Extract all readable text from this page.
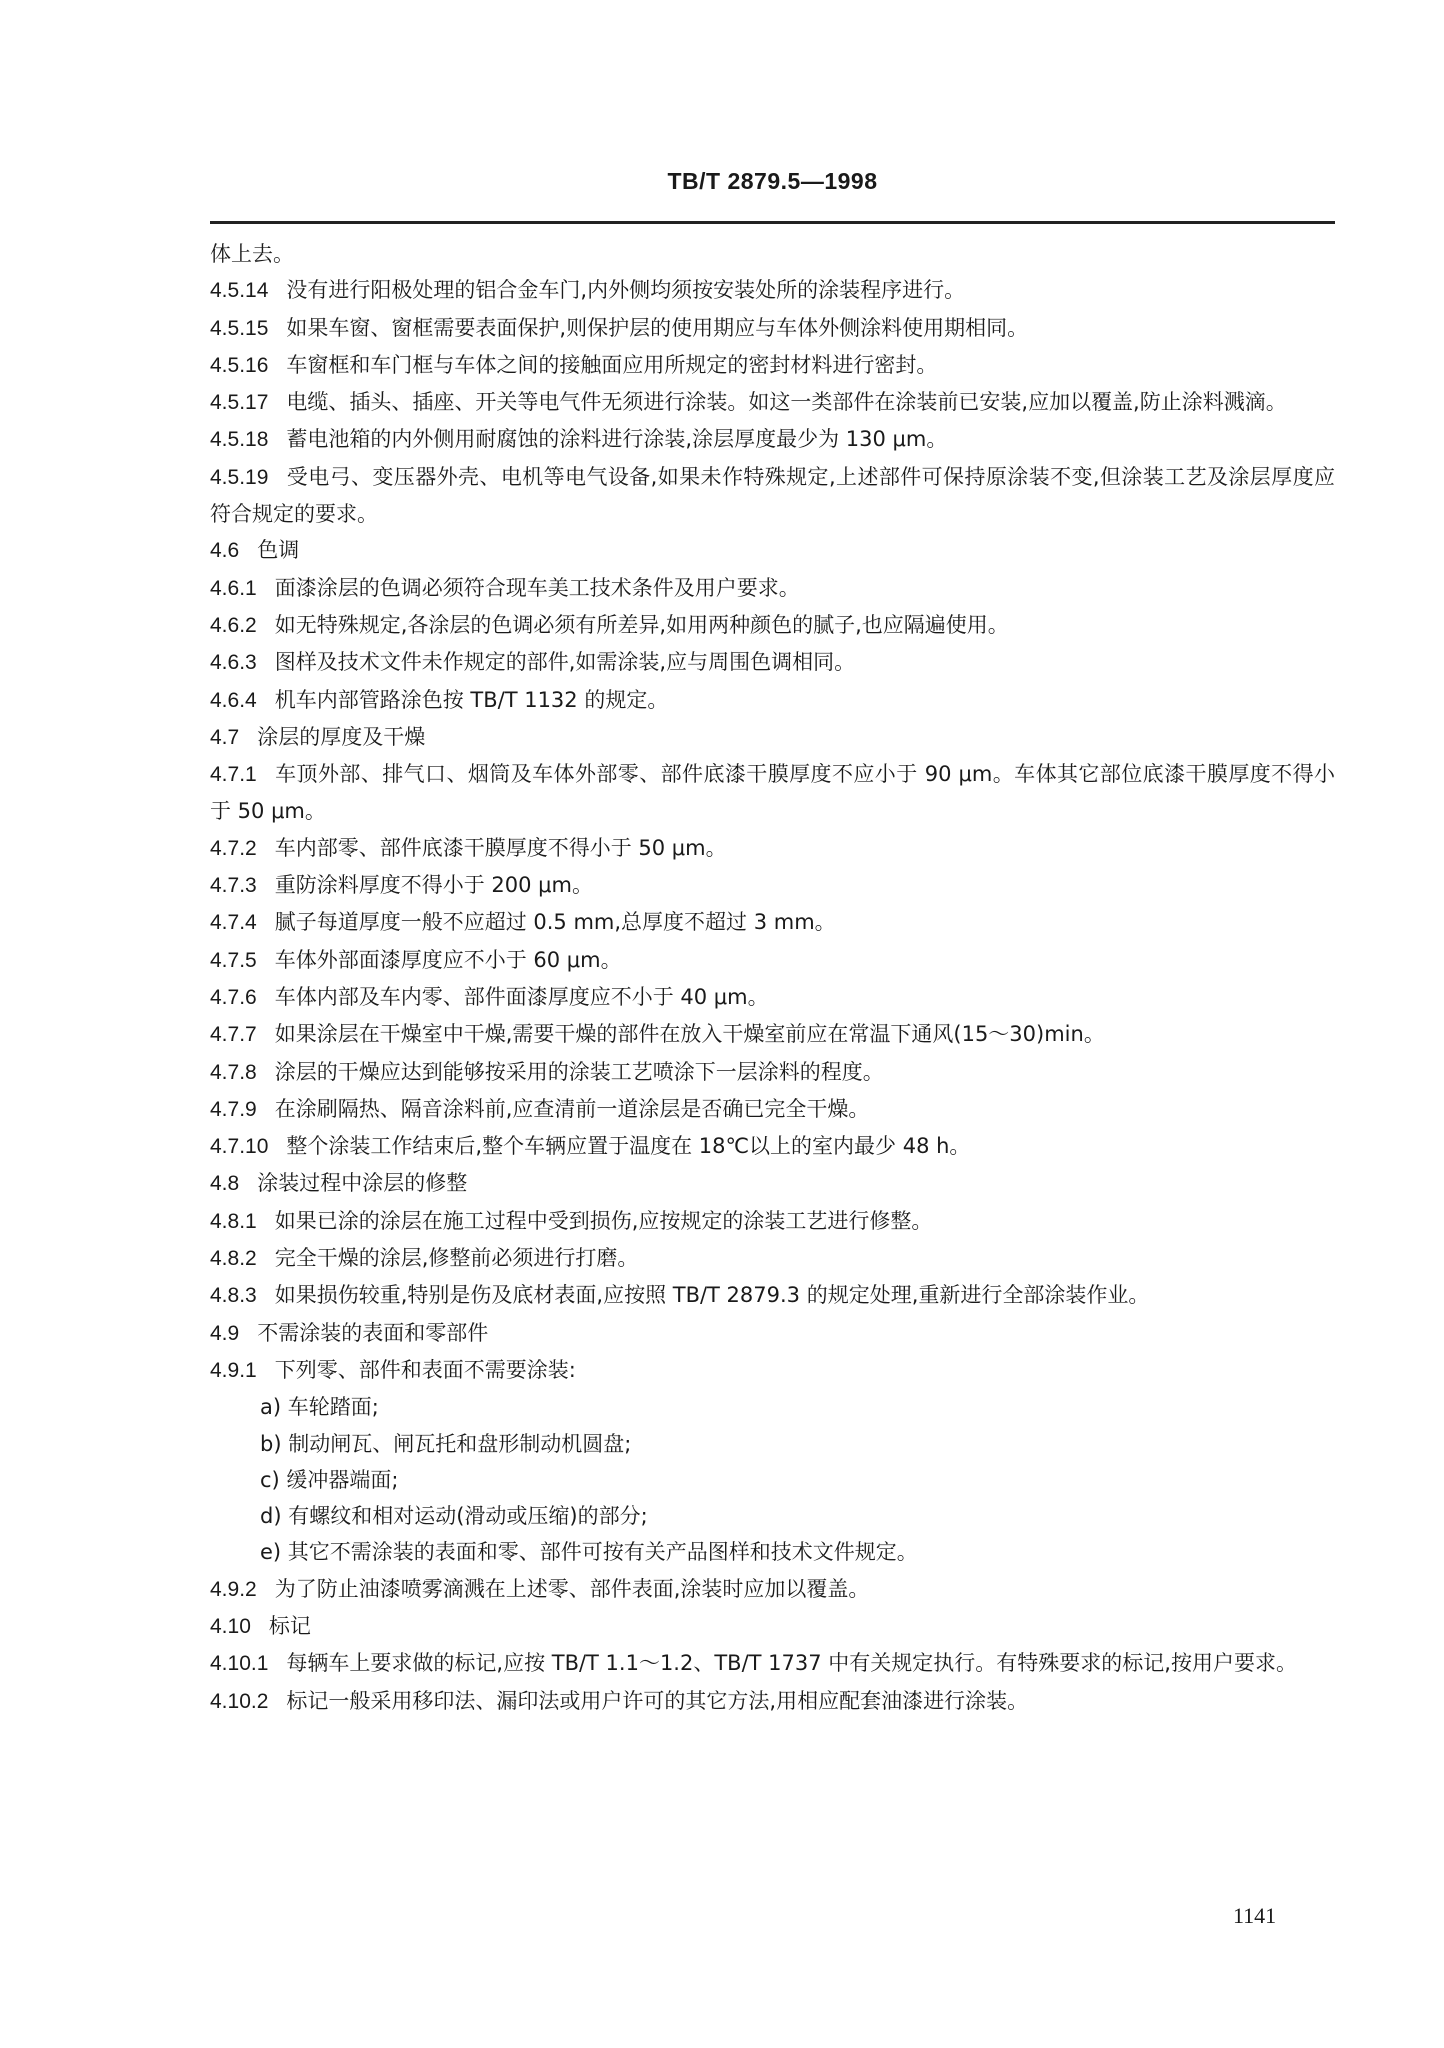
TB/T 2879.5—1998

体上去。

4.5.14 没有进行阳极处理的铝合金车门,内外侧均须按安装处所的涂装程序进行。

4.5.15 如果车窗、窗框需要表面保护,则保护层的使用期应与车体外侧涂料使用期相同。

4.5.16 车窗框和车门框与车体之间的接触面应用所规定的密封材料进行密封。

4.5.17 电缆、插头、插座、开关等电气件无须进行涂装。如这一类部件在涂装前已安装,应加以覆盖,防止涂料溅滴。

4.5.18 蓄电池箱的内外侧用耐腐蚀的涂料进行涂装,涂层厚度最少为 130 μm。

4.5.19 受电弓、变压器外壳、电机等电气设备,如果未作特殊规定,上述部件可保持原涂装不变,但涂装工艺及涂层厚度应符合规定的要求。

4.6 色调

4.6.1 面漆涂层的色调必须符合现车美工技术条件及用户要求。

4.6.2 如无特殊规定,各涂层的色调必须有所差异,如用两种颜色的腻子,也应隔遍使用。

4.6.3 图样及技术文件未作规定的部件,如需涂装,应与周围色调相同。

4.6.4 机车内部管路涂色按 TB/T 1132 的规定。

4.7 涂层的厚度及干燥

4.7.1 车顶外部、排气口、烟筒及车体外部零、部件底漆干膜厚度不应小于 90 μm。车体其它部位底漆干膜厚度不得小于 50 μm。

4.7.2 车内部零、部件底漆干膜厚度不得小于 50 μm。

4.7.3 重防涂料厚度不得小于 200 μm。

4.7.4 腻子每道厚度一般不应超过 0.5 mm,总厚度不超过 3 mm。

4.7.5 车体外部面漆厚度应不小于 60 μm。

4.7.6 车体内部及车内零、部件面漆厚度应不小于 40 μm。

4.7.7 如果涂层在干燥室中干燥,需要干燥的部件在放入干燥室前应在常温下通风(15～30)min。

4.7.8 涂层的干燥应达到能够按采用的涂装工艺喷涂下一层涂料的程度。

4.7.9 在涂刷隔热、隔音涂料前,应查清前一道涂层是否确已完全干燥。

4.7.10 整个涂装工作结束后,整个车辆应置于温度在 18℃以上的室内最少 48 h。

4.8 涂装过程中涂层的修整

4.8.1 如果已涂的涂层在施工过程中受到损伤,应按规定的涂装工艺进行修整。

4.8.2 完全干燥的涂层,修整前必须进行打磨。

4.8.3 如果损伤较重,特别是伤及底材表面,应按照 TB/T 2879.3 的规定处理,重新进行全部涂装作业。

4.9 不需涂装的表面和零部件

4.9.1 下列零、部件和表面不需要涂装:

a) 车轮踏面;

b) 制动闸瓦、闸瓦托和盘形制动机圆盘;

c) 缓冲器端面;

d) 有螺纹和相对运动(滑动或压缩)的部分;

e) 其它不需涂装的表面和零、部件可按有关产品图样和技术文件规定。

4.9.2 为了防止油漆喷雾滴溅在上述零、部件表面,涂装时应加以覆盖。

4.10 标记

4.10.1 每辆车上要求做的标记,应按 TB/T 1.1～1.2、TB/T 1737 中有关规定执行。有特殊要求的标记,按用户要求。

4.10.2 标记一般采用移印法、漏印法或用户许可的其它方法,用相应配套油漆进行涂装。

1141
